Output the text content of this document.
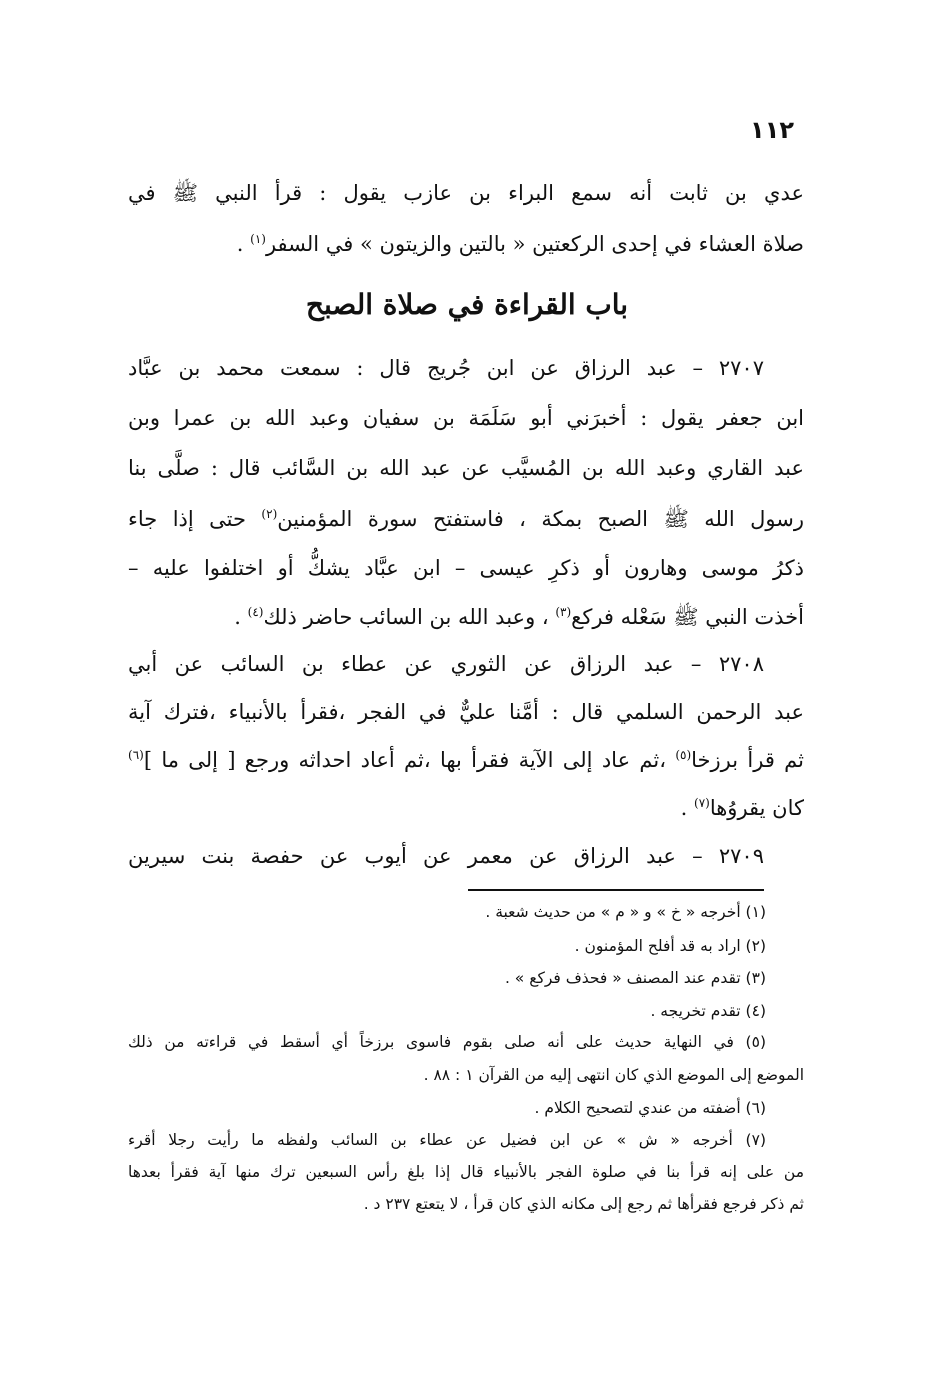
١١٢
عدي بن ثابت أنه سمع البراء بن عازب يقول : قرأ النبي ﷺ في
صلاة العشاء في إحدى الركعتين « بالتين والزيتون » في السفر$^{(١)}$ .
باب القراءة في صلاة الصبح
٢٧٠٧ – عبد الرزاق عن ابن جُريج قال : سمعت محمد بن عبَّاد
ابن جعفر يقول : أخبرَني أبو سَلَمَة بن سفيان وعبد الله بن عمرا وبن
عبد القاري وعبد الله بن المُسيَّب عن عبد الله بن السَّائب قال : صلَّى بنا
رسول الله ﷺ الصبح بمكة ، فاستفتح سورة المؤمنين$^{(٢)}$ حتى إذا جاء
ذكرُ موسى وهارون أو ذكرِ عيسى – ابن عبَّاد يشكُّ أو اختلفوا عليه –
أخذت النبي ﷺ سَعْله فركع$^{(٣)}$ ، وعبد الله بن السائب حاضر ذلك$^{(٤)}$ .
٢٧٠٨ – عبد الرزاق عن الثوري عن عطاء بن السائب عن أبي
عبد الرحمن السلمي قال : أمَّنا عليٌّ في الفجر ،فقرأ بالأنبياء ،فترك آية
ثم قرأ برزخا$^{(٥)}$ ،ثم عاد إلى الآية فقرأ بها ،ثم أعاد احداثه ورجع [ إلى ما ]$^{(٦)}$
كان يقروُها$^{(٧)}$ .
٢٧٠٩ – عبد الرزاق عن معمر عن أيوب عن حفصة بنت سيرين
(١) أخرجه « خ » و « م » من حديث شعبة .
(٢) اراد به قد أفلح المؤمنون .
(٣) تقدم عند المصنف « فحذف فركع » .
(٤) تقدم تخريجه .
(٥) في النهاية حديث على أنه صلى بقوم فاسوى برزخاً أي أسقط في قراءته من ذلك
الموضع إلى الموضع الذي كان انتهى إليه من القرآن ١ : ٨٨ .
(٦) أضفته من عندي لتصحيح الكلام .
(٧) أخرجه « ش » عن ابن فضيل عن عطاء بن السائب ولفظه ما رأيت رجلا أقرء
من على إنه قرأ بنا في صلوة الفجر بالأنبياء قال إذا بلغ رأس السبعين ترك منها آية فقرأ بعدها
ثم ذكر فرجع فقرأها ثم رجع إلى مكانه الذي كان قرأ ، لا يتعتع ٢٣٧ د .
